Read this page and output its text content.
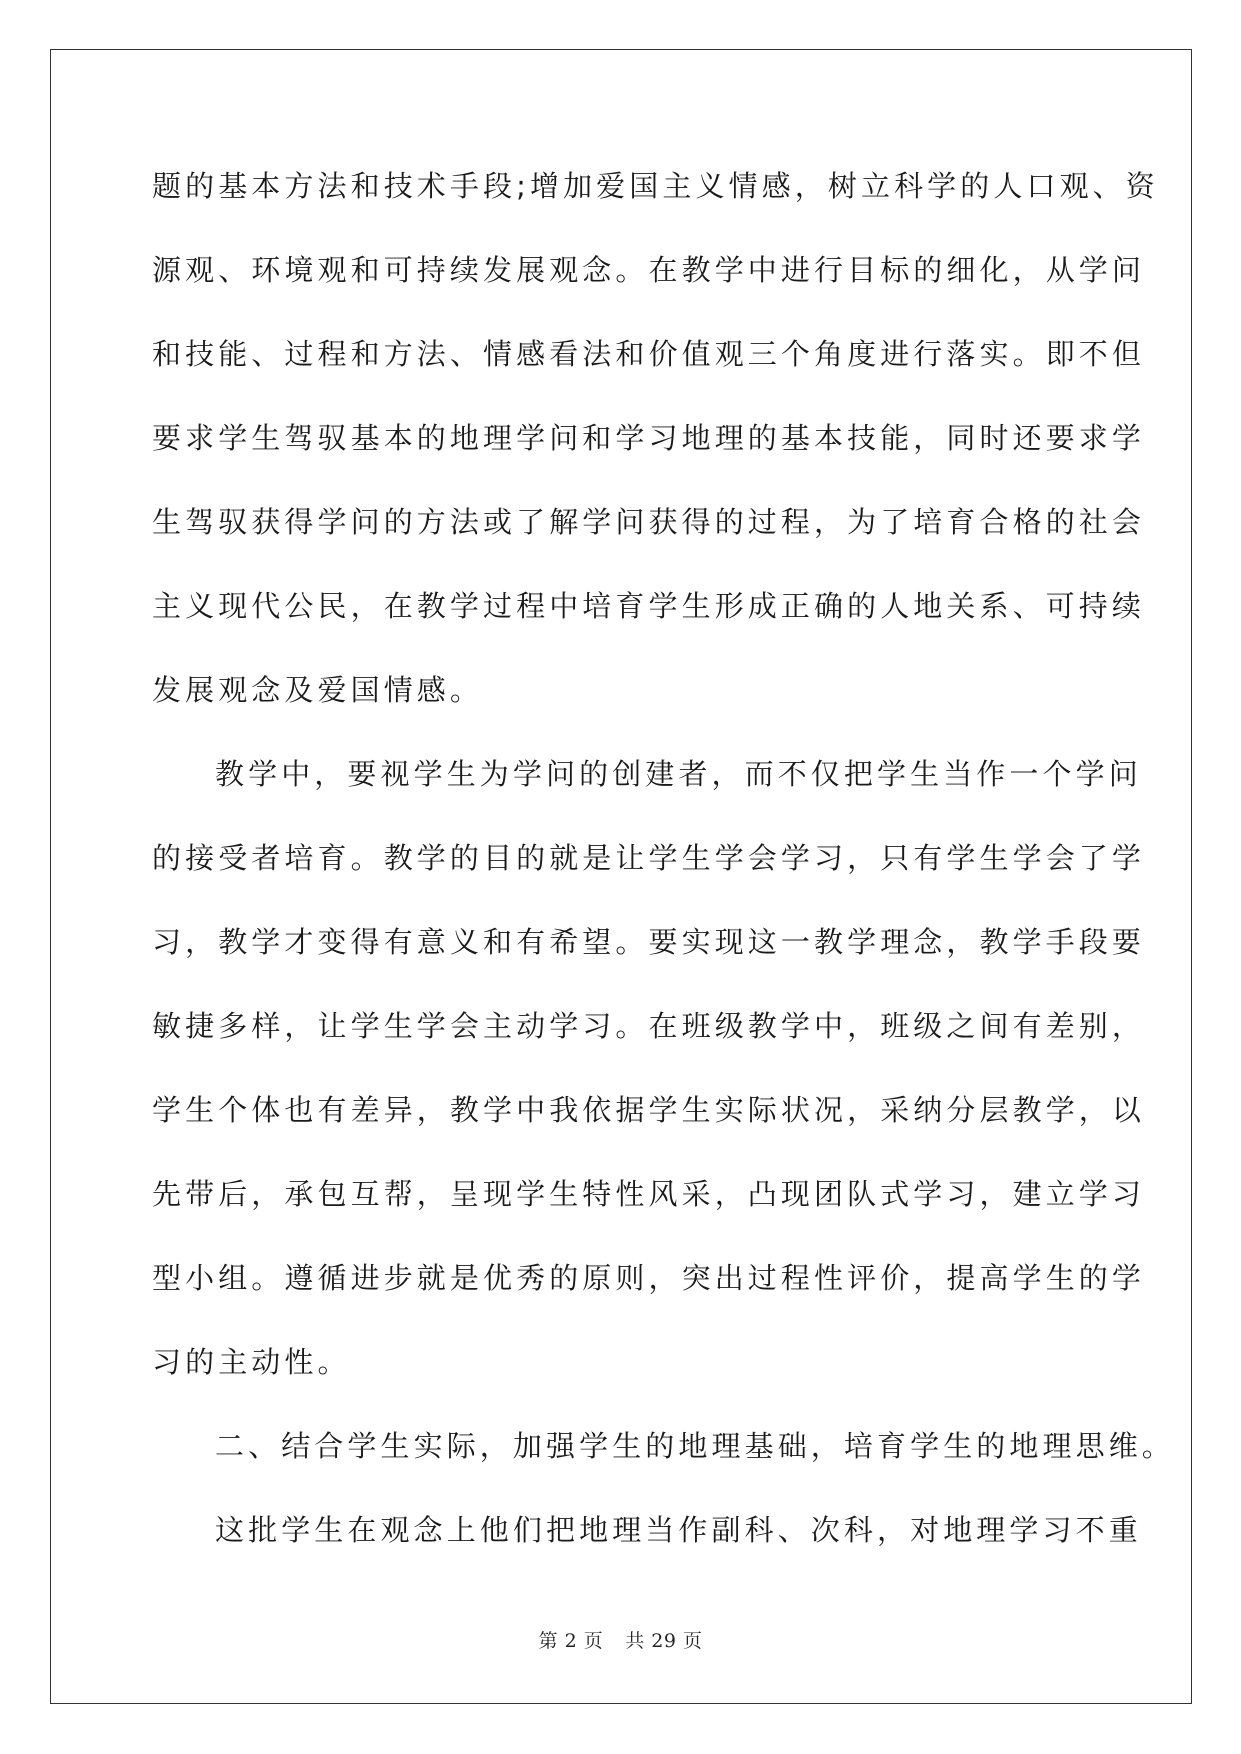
题的基本方法和技术手段;增加爱国主义情感，树立科学的人口观、资
源观、环境观和可持续发展观念。在教学中进行目标的细化，从学问
和技能、过程和方法、情感看法和价值观三个角度进行落实。即不但
要求学生驾驭基本的地理学问和学习地理的基本技能，同时还要求学
生驾驭获得学问的方法或了解学问获得的过程，为了培育合格的社会
主义现代公民，在教学过程中培育学生形成正确的人地关系、可持续
发展观念及爱国情感。
教学中，要视学生为学问的创建者，而不仅把学生当作一个学问
的接受者培育。教学的目的就是让学生学会学习，只有学生学会了学
习，教学才变得有意义和有希望。要实现这一教学理念，教学手段要
敏捷多样，让学生学会主动学习。在班级教学中，班级之间有差别，
学生个体也有差异，教学中我依据学生实际状况，采纳分层教学，以
先带后，承包互帮，呈现学生特性风采，凸现团队式学习，建立学习
型小组。遵循进步就是优秀的原则，突出过程性评价，提高学生的学
习的主动性。
二、结合学生实际，加强学生的地理基础，培育学生的地理思维。
这批学生在观念上他们把地理当作副科、次科，对地理学习不重
第 2 页 共 29 页
